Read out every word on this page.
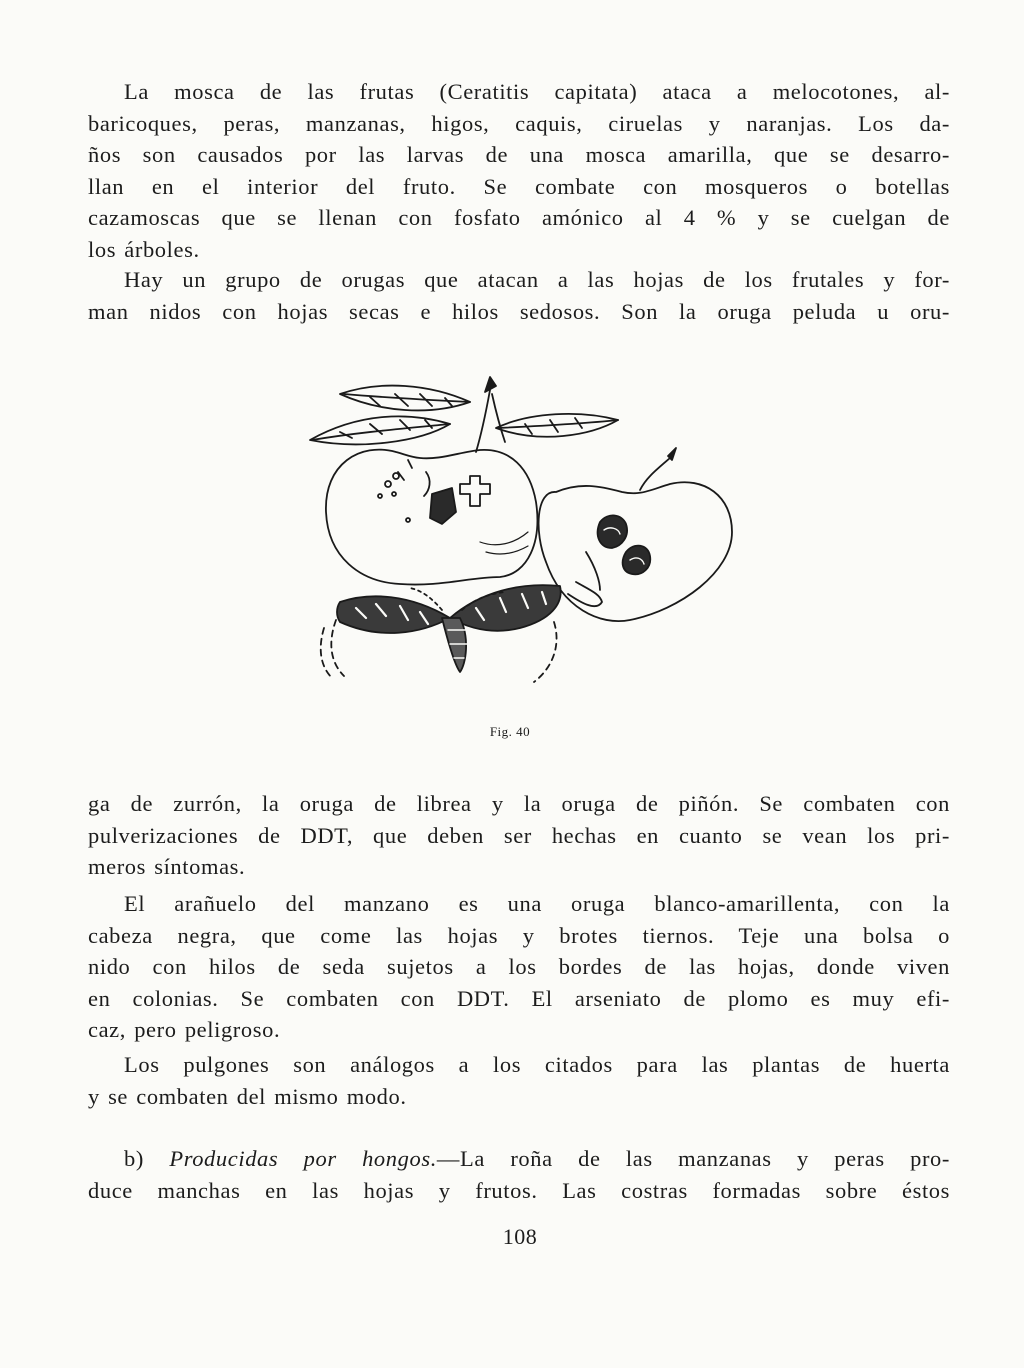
La mosca de las frutas (Ceratitis capitata) ataca a melocotones, al-
baricoques, peras, manzanas, higos, caquis, ciruelas y naranjas. Los da-
ños son causados por las larvas de una mosca amarilla, que se desarro-
llan en el interior del fruto. Se combate con mosqueros o botellas
cazamoscas que se llenan con fosfato amónico al 4 % y se cuelgan de
los árboles.
Hay un grupo de orugas que atacan a las hojas de los frutales y for-
man nidos con hojas secas e hilos sedosos. Son la oruga peluda u oru-
Fig. 40
ga de zurrón, la oruga de librea y la oruga de piñón. Se combaten con
pulverizaciones de DDT, que deben ser hechas en cuanto se vean los pri-
meros síntomas.
El arañuelo del manzano es una oruga blanco-amarillenta, con la
cabeza negra, que come las hojas y brotes tiernos. Teje una bolsa o
nido con hilos de seda sujetos a los bordes de las hojas, donde viven
en colonias. Se combaten con DDT. El arseniato de plomo es muy efi-
caz, pero peligroso.
Los pulgones son análogos a los citados para las plantas de huerta
y se combaten del mismo modo.
b) Producidas por hongos.—La roña de las manzanas y peras pro-
duce manchas en las hojas y frutos. Las costras formadas sobre éstos
108
